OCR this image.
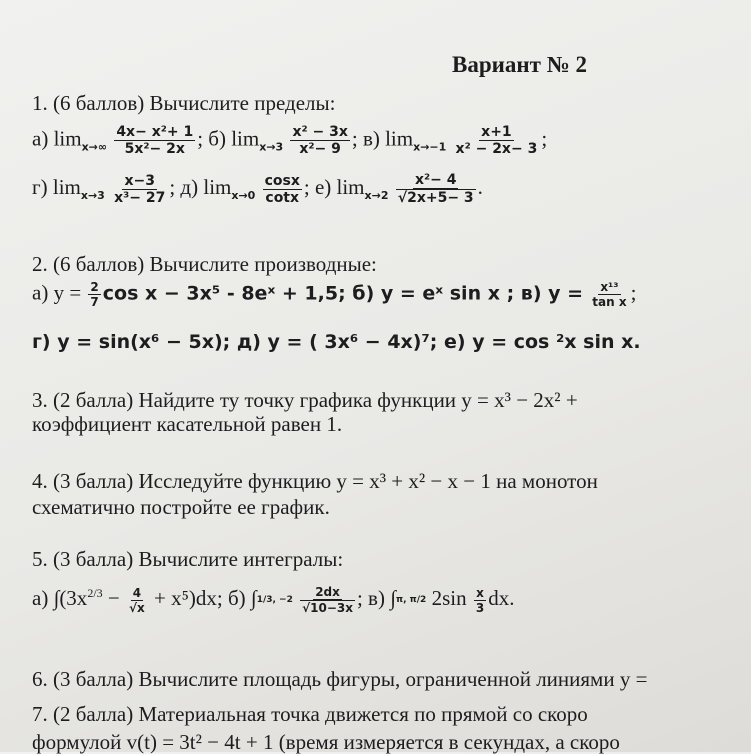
Вариант № 2
1. (6 баллов) Вычислите пределы:
а) $\lim_{x\to\infty} \frac{\text{4x− x²+ 1}}{\text{5x²− 2x}}$ ; б) $\lim_{x\to 3} \frac{\text{x² − 3x}}{\text{x²− 9}}$ ; в) $\lim_{x\to-1} \frac{x+1}{\text{x² − 2x− 3}}$ ;
г) $\lim_{x\to 3} \frac{x-3}{\text{x³− 27}}$ ; д) $\lim_{x\to 0} \frac{\cos x}{\cot x}$ ; е) $\lim_{x\to 2} \frac{\text{x²− 4}}{√2x+5- 3}$ .
2. (6 баллов) Вычислите производные:
а) $y = \frac{2}{7}$ cos x − 3x⁵ - 8eˣ + 1,5; б) y = eˣ sin x ; в) $y = \frac{\text{x¹³}}{\text{tan x}}$ ;
г) y = sin(x⁶ − 5x); д) y = ( 3x⁶ − 4x)⁷; е) y = cos ²x sin x.
3. (2 балла) Найдите ту точку графика функции y = x³ − 2x² +
коэффициент касательной равен 1.
4. (3 балла) Исследуйте функцию y = x³ + x² − x − 1 на монотон
схематично постройте ее график.
5. (3 балла) Вычислите интегралы:
а) $\int(3x^{2/3} - \frac{4}{√x} + x^5)dx$; б) ∫1/3, $-2 \frac{2dx}{√10-3x}$ ; в) ∫π, π/2 $2\sin \frac{x}{3}$ dx.
6. (3 балла) Вычислите площадь фигуры, ограниченной линиями y =
7. (2 балла) Материальная точка движется по прямой со скоро
формулой v(t) = 3t² − 4t + 1 (время измеряется в секундах, а скоро
